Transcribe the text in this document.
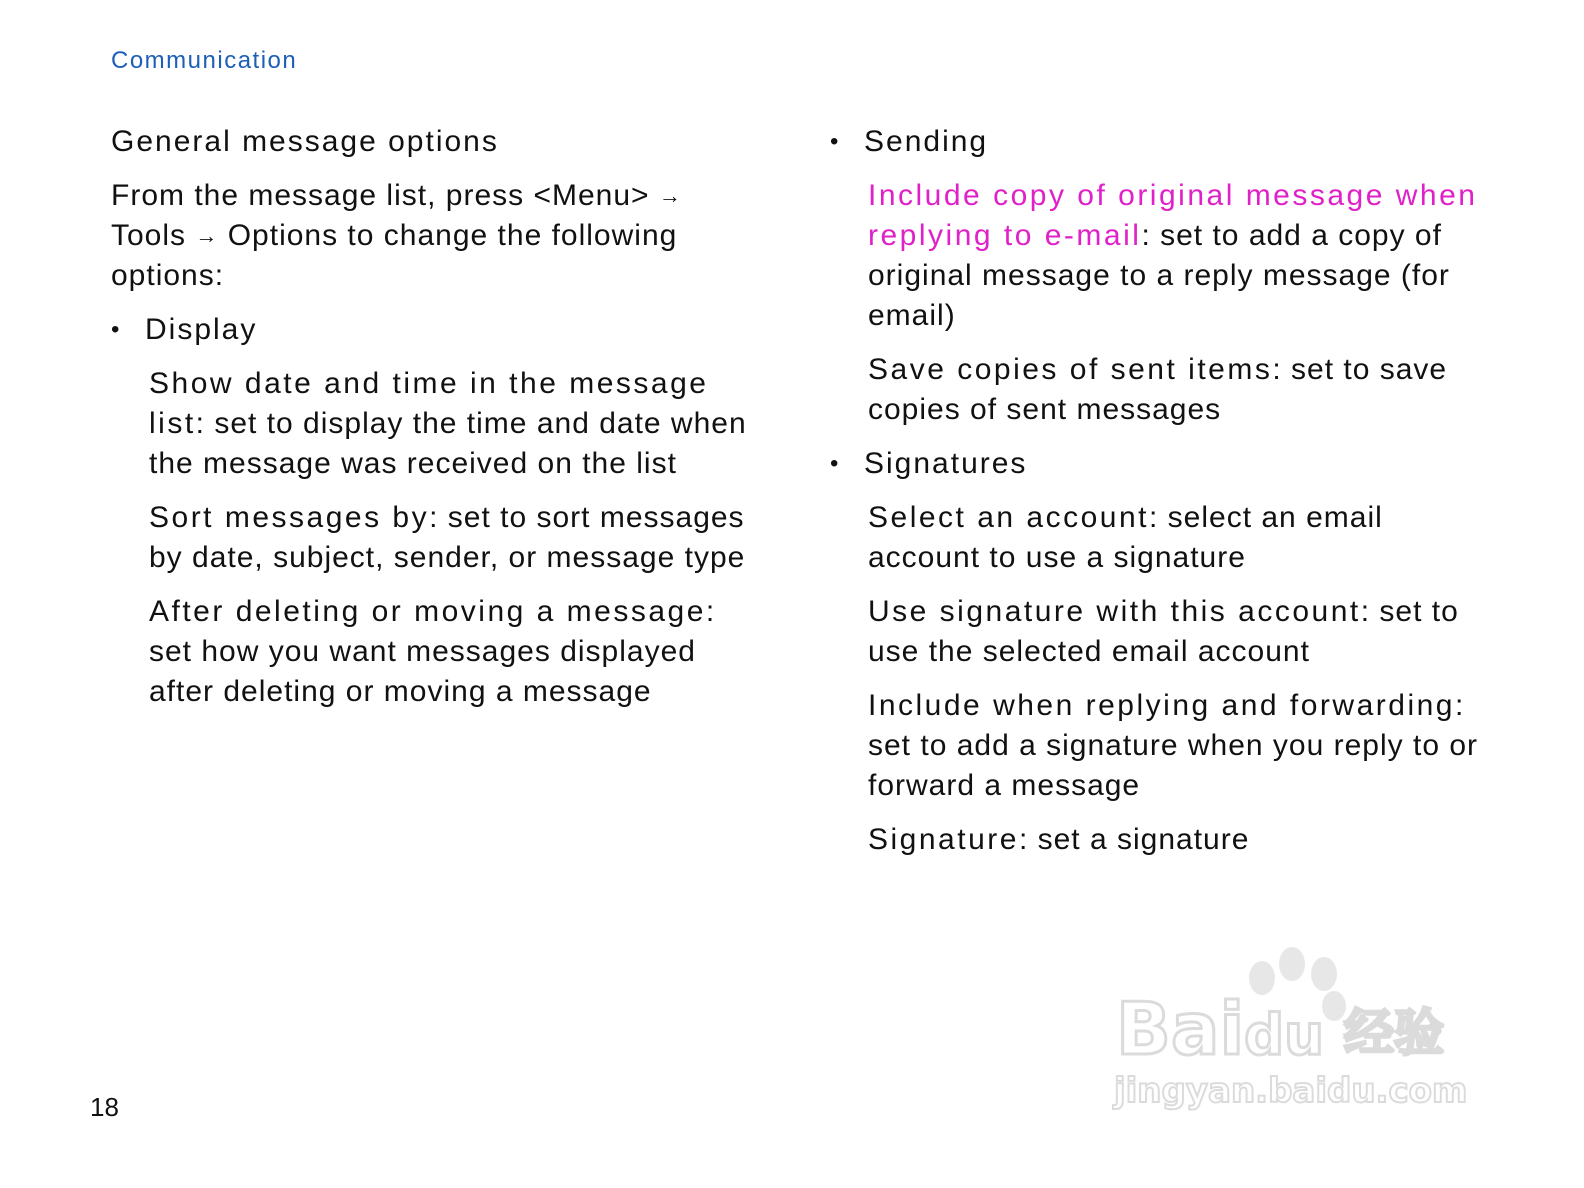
Communication
General message options
From the message list, press <Menu> → Tools → Options to change the following options:
• Display
Show date and time in the message list: set to display the time and date when the message was received on the list
Sort messages by: set to sort messages by date, subject, sender, or message type
After deleting or moving a message: set how you want messages displayed after deleting or moving a message
• Sending
Include copy of original message when replying to e-mail: set to add a copy of original message to a reply message (for email)
Save copies of sent items: set to save copies of sent messages
• Signatures
Select an account: select an email account to use a signature
Use signature with this account: set to use the selected email account
Include when replying and forwarding: set to add a signature when you reply to or forward a message
Signature: set a signature
18
Bai du 经验
jingyan.baidu.com
